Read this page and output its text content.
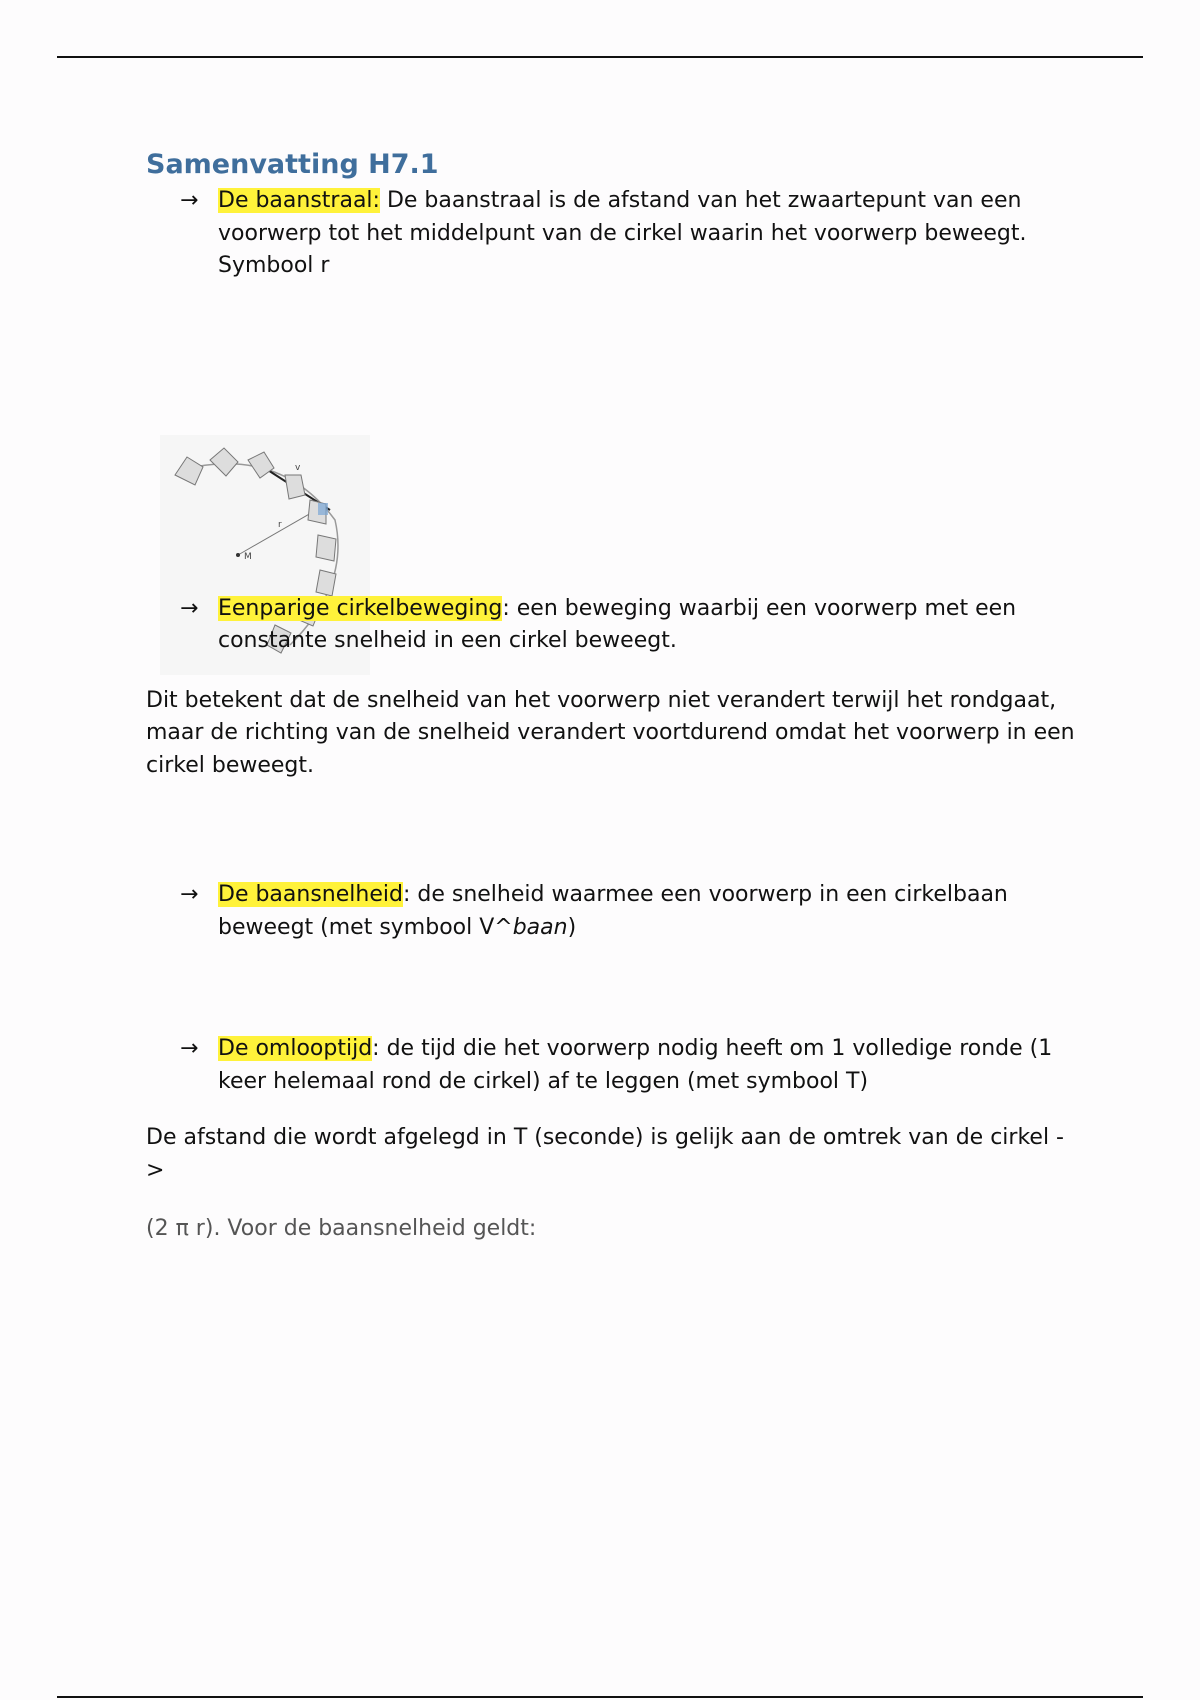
Samenvatting H7.1
→ De baanstraal: De baanstraal is de afstand van het zwaartepunt van een voorwerp tot het middelpunt van de cirkel waarin het voorwerp beweegt. Symbool r
M
r
v
→ Eenparige cirkelbeweging: een beweging waarbij een voorwerp met een constante snelheid in een cirkel beweegt.

Dit betekent dat de snelheid van het voorwerp niet verandert terwijl het rondgaat, maar de richting van de snelheid verandert voortdurend omdat het voorwerp in een cirkel beweegt.

→ De baansnelheid: de snelheid waarmee een voorwerp in een cirkelbaan beweegt (met symbool V^baan)
→ De omlooptijd: de tijd die het voorwerp nodig heeft om 1 volledige ronde (1 keer helemaal rond de cirkel) af te leggen (met symbool T)

De afstand die wordt afgelegd in T (seconde) is gelijk aan de omtrek van de cirkel ->

(2 π r). Voor de baansnelheid geldt:
